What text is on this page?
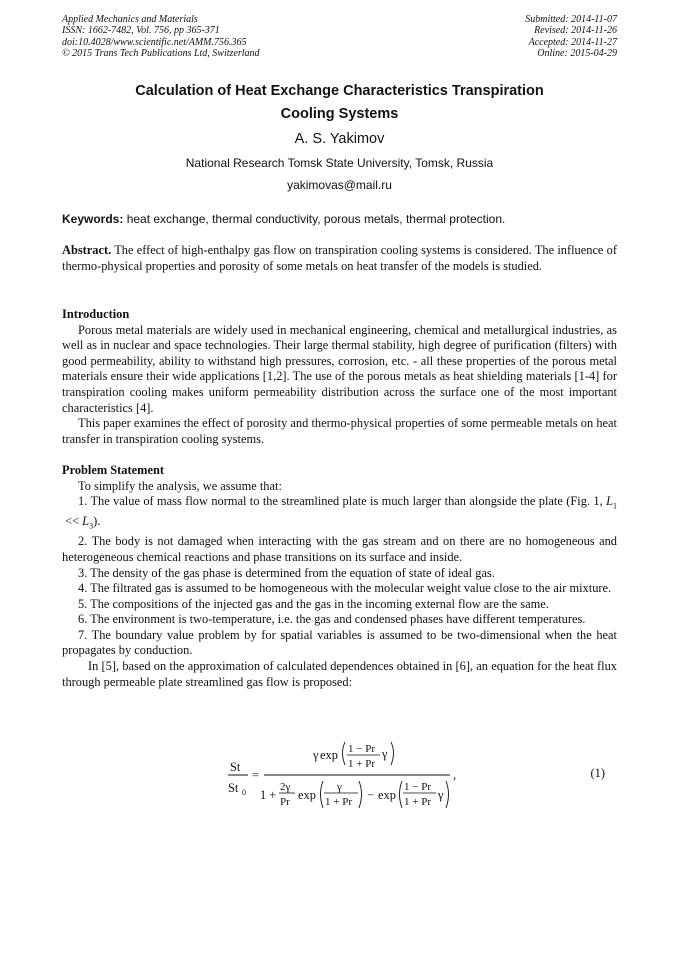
Applied Mechanics and Materials
ISSN: 1662-7482, Vol. 756, pp 365-371
doi:10.4028/www.scientific.net/AMM.756.365
© 2015 Trans Tech Publications Ltd, Switzerland
Submitted: 2014-11-07
Revised: 2014-11-26
Accepted: 2014-11-27
Online: 2015-04-29
Calculation of Heat Exchange Characteristics Transpiration
Cooling Systems
A. S. Yakimov
National Research Tomsk State University, Tomsk, Russia
yakimovas@mail.ru
Keywords: heat exchange, thermal conductivity, porous metals, thermal protection.
Abstract. The effect of high-enthalpy gas flow on transpiration cooling systems is considered. The influence of thermo-physical properties and porosity of some metals on heat transfer of the models is studied.
Introduction
Porous metal materials are widely used in mechanical engineering, chemical and metallurgical industries, as well as in nuclear and space technologies. Their large thermal stability, high degree of purification (filters) with good permeability, ability to withstand high pressures, corrosion, etc. - all these properties of the porous metal materials ensure their wide applications [1,2]. The use of the porous metals as heat shielding materials [1-4] for transpiration cooling makes uniform permeability distribution across the surface one of the most important characteristics [4].
This paper examines the effect of porosity and thermo-physical properties of some permeable metals on heat transfer in transpiration cooling systems.
Problem Statement
To simplify the analysis, we assume that:
1. The value of mass flow normal to the streamlined plate is much larger than alongside the plate (Fig. 1, $L_1 << L_3$).
2. The body is not damaged when interacting with the gas stream and on there are no homogeneous and heterogeneous chemical reactions and phase transitions on its surface and inside.
3. The density of the gas phase is determined from the equation of state of ideal gas.
4. The filtrated gas is assumed to be homogeneous with the molecular weight value close to the air mixture.
5. The compositions of the injected gas and the gas in the incoming external flow are the same.
6. The environment is two-temperature, i.e. the gas and condensed phases have different temperatures.
7. The boundary value problem by for spatial variables is assumed to be two-dimensional when the heat propagates by conduction.
In [5], based on the approximation of calculated dependences obtained in [6], an equation for the heat flux through permeable plate streamlined gas flow is proposed:
St
St 0
=
γ exp 1 − Pr
1 + Pr
γ
1 +
2γ
Pr exp
γ
1 + Pr − exp
1 − Pr
1 + Pr γ
,	(1)
